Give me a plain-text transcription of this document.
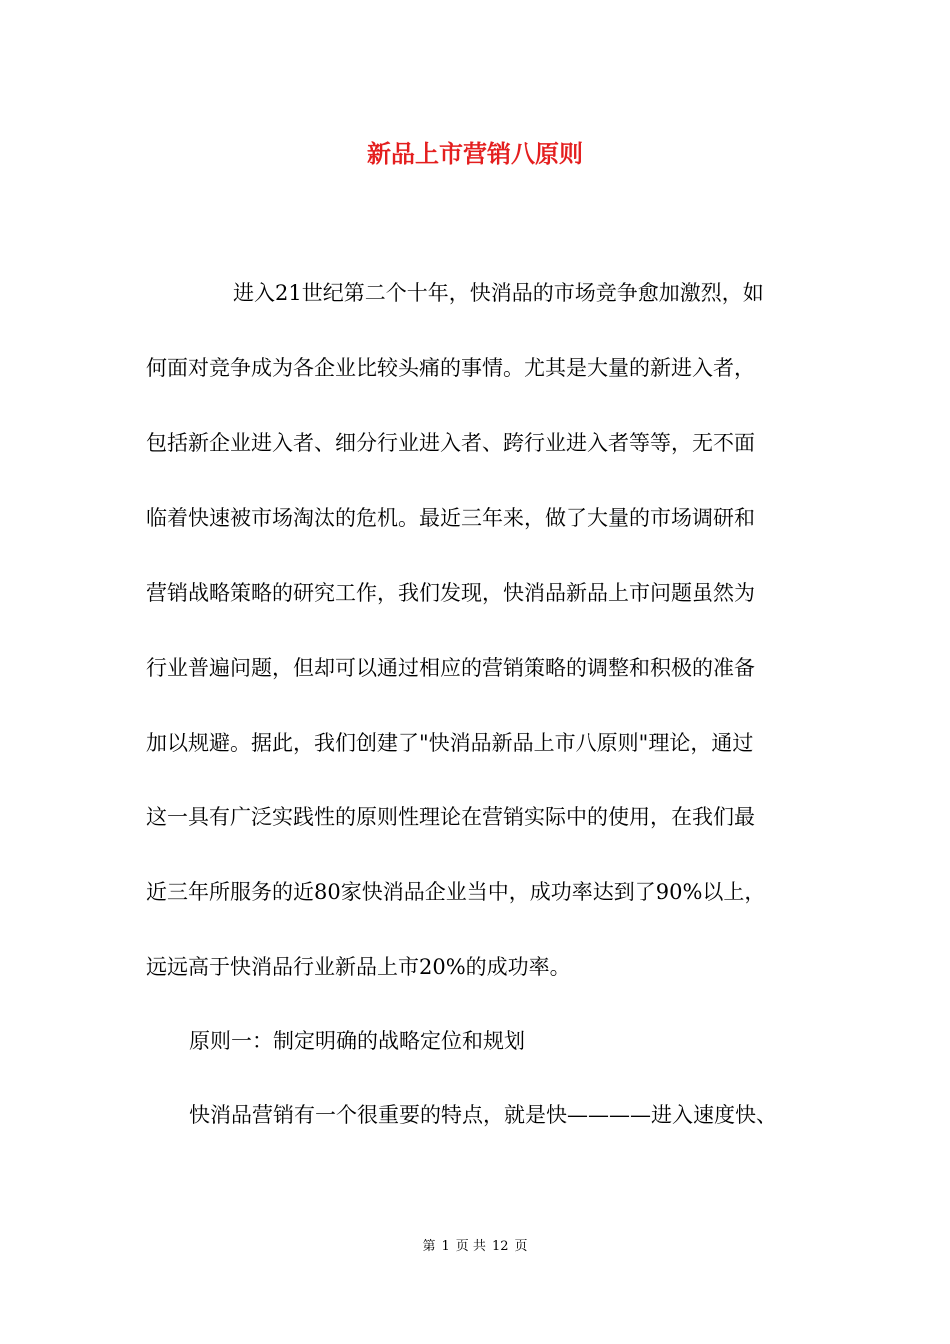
新品上市营销八原则
进入21世纪第二个十年，快消品的市场竞争愈加激烈，如
何面对竞争成为各企业比较头痛的事情。尤其是大量的新进入者，
包括新企业进入者、细分行业进入者、跨行业进入者等等，无不面
临着快速被市场淘汰的危机。最近三年来，做了大量的市场调研和
营销战略策略的研究工作，我们发现，快消品新品上市问题虽然为
行业普遍问题，但却可以通过相应的营销策略的调整和积极的准备
加以规避。据此，我们创建了"快消品新品上市八原则"理论，通过
这一具有广泛实践性的原则性理论在营销实际中的使用，在我们最
近三年所服务的近80家快消品企业当中，成功率达到了90%以上，
远远高于快消品行业新品上市20%的成功率。
原则一：制定明确的战略定位和规划
快消品营销有一个很重要的特点，就是快————进入速度快、
第 1 页 共 12 页
